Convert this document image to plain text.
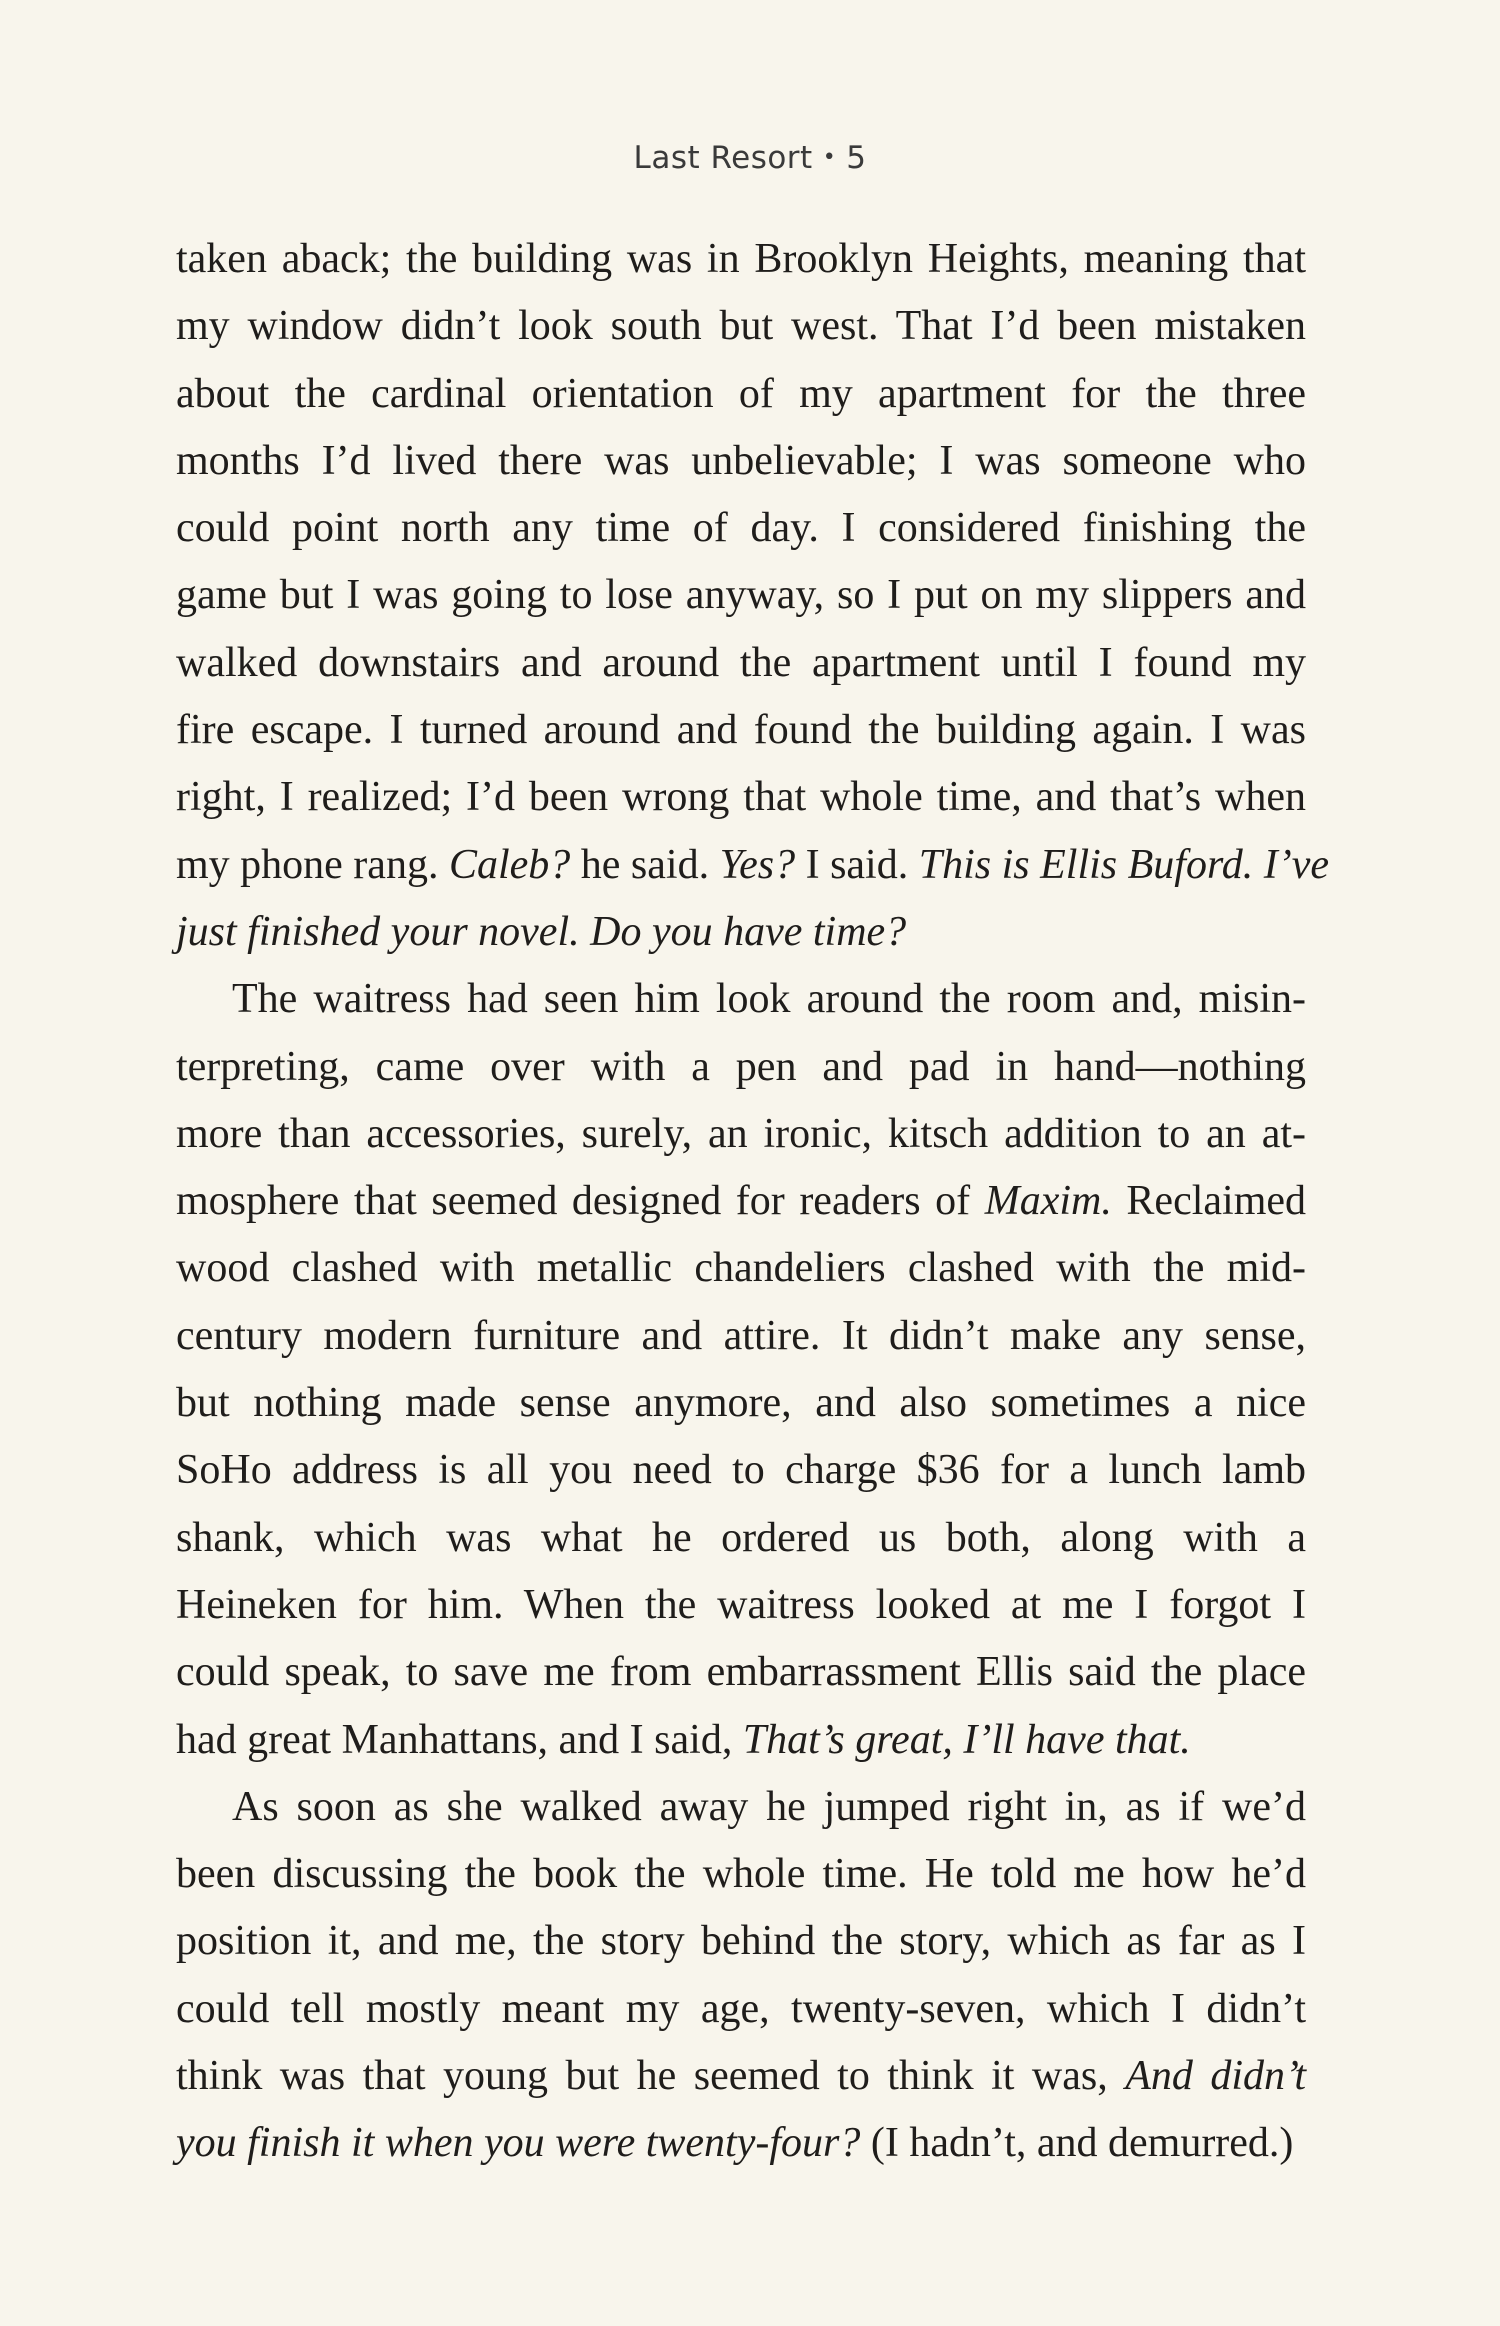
Last Resort • 5
taken aback; the building was in Brooklyn Heights, meaning that
my window didn’t look south but west. That I’d been mistaken
about the cardinal orientation of my apartment for the three
months I’d lived there was unbelievable; I was someone who
could point north any time of day. I considered finishing the
game but I was going to lose anyway, so I put on my slippers and
walked downstairs and around the apartment until I found my
fire escape. I turned around and found the building again. I was
right, I realized; I’d been wrong that whole time, and that’s when
my phone rang. Caleb? he said. Yes? I said. This is Ellis Buford. I’ve
just finished your novel. Do you have time?
The waitress had seen him look around the room and, misin-
terpreting, came over with a pen and pad in hand—nothing
more than accessories, surely, an ironic, kitsch addition to an at-
mosphere that seemed designed for readers of Maxim. Reclaimed
wood clashed with metallic chandeliers clashed with the mid-
century modern furniture and attire. It didn’t make any sense,
but nothing made sense anymore, and also sometimes a nice
SoHo address is all you need to charge $36 for a lunch lamb
shank, which was what he ordered us both, along with a
Heineken for him. When the waitress looked at me I forgot I
could speak, to save me from embarrassment Ellis said the place
had great Manhattans, and I said, That’s great, I’ll have that.
As soon as she walked away he jumped right in, as if we’d
been discussing the book the whole time. He told me how he’d
position it, and me, the story behind the story, which as far as I
could tell mostly meant my age, twenty-seven, which I didn’t
think was that young but he seemed to think it was, And didn’t
you finish it when you were twenty-four? (I hadn’t, and demurred.)
